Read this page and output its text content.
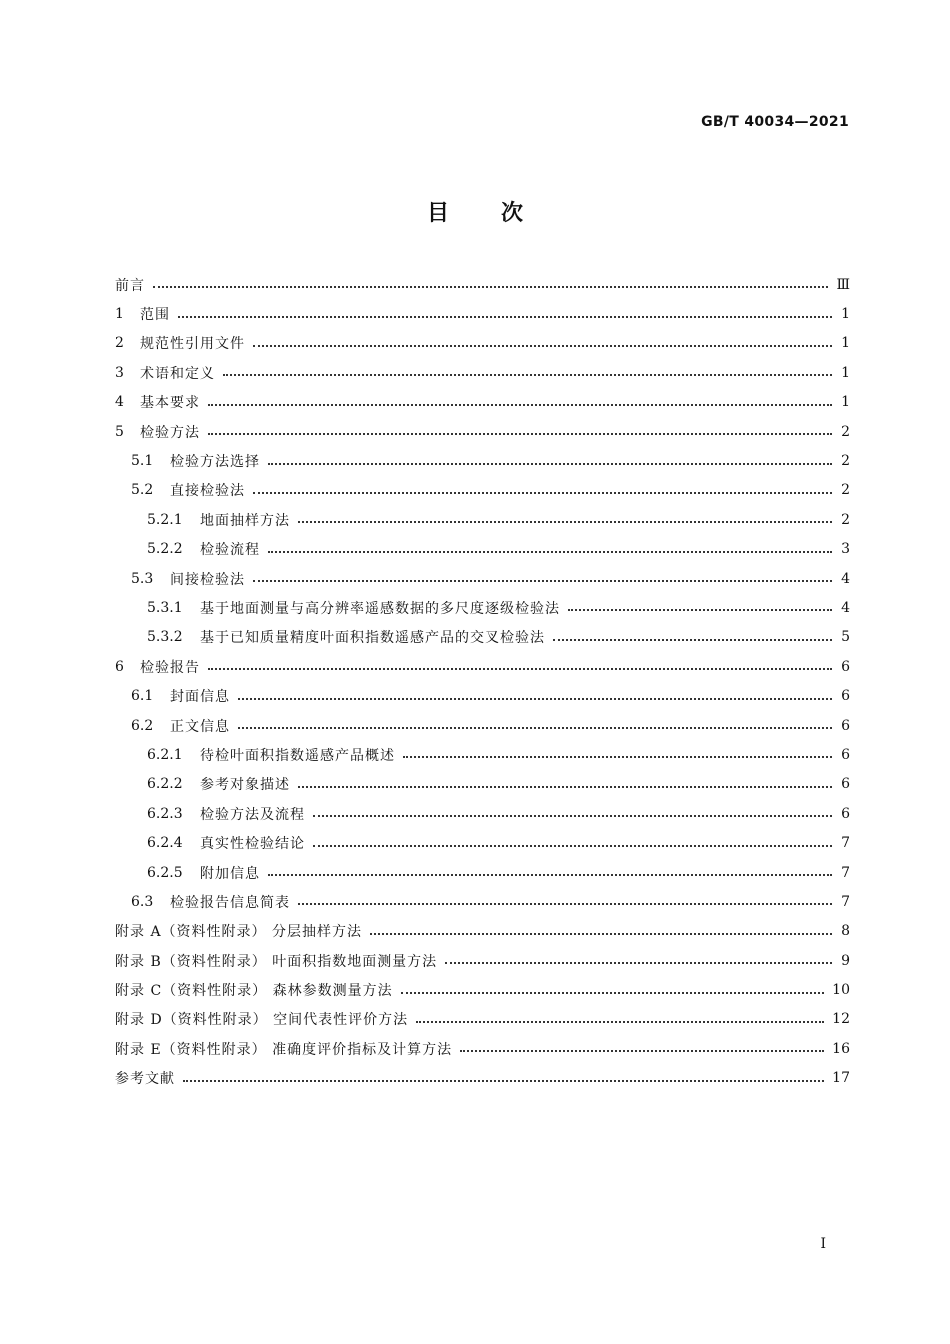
GB/T 40034—2021
目 次
前言	Ⅲ
1	范围	1
2	规范性引用文件	1
3	术语和定义	1
4	基本要求	1
5	检验方法	2
5.1	检验方法选择	2
5.2	直接检验法	2
5.2.1	地面抽样方法	2
5.2.2	检验流程	3
5.3	间接检验法	4
5.3.1	基于地面测量与高分辨率遥感数据的多尺度逐级检验法	4
5.3.2	基于已知质量精度叶面积指数遥感产品的交叉检验法	5
6	检验报告	6
6.1	封面信息	6
6.2	正文信息	6
6.2.1	待检叶面积指数遥感产品概述	6
6.2.2	参考对象描述	6
6.2.3	检验方法及流程	6
6.2.4	真实性检验结论	7
6.2.5	附加信息	7
6.3	检验报告信息简表	7
附录 A（资料性附录） 分层抽样方法	8
附录 B（资料性附录） 叶面积指数地面测量方法	9
附录 C（资料性附录） 森林参数测量方法	10
附录 D（资料性附录） 空间代表性评价方法	12
附录 E（资料性附录） 准确度评价指标及计算方法	16
参考文献	17
I
